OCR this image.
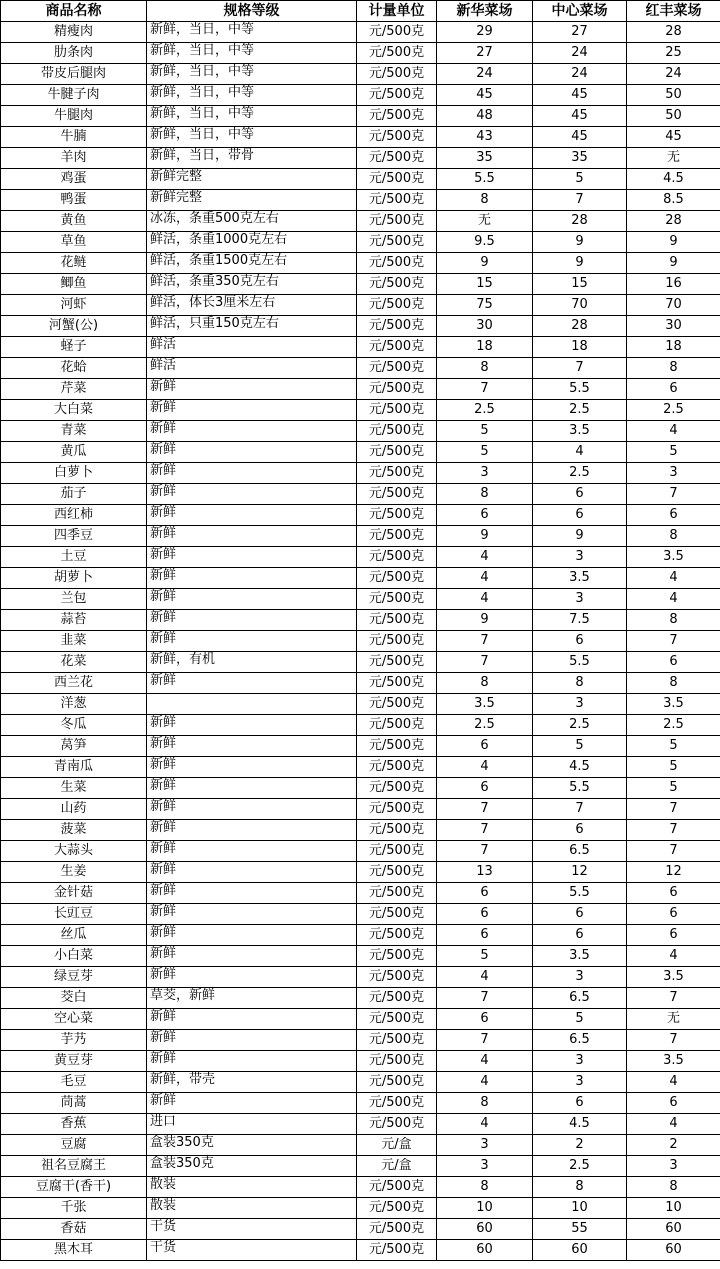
商品名称	规格等级	计量单位	新华菜场	中心菜场	红丰菜场
精瘦肉	新鲜，当日，中等	元/500克	29	27	28
肋条肉	新鲜，当日，中等	元/500克	27	24	25
带皮后腿肉	新鲜，当日，中等	元/500克	24	24	24
牛腱子肉	新鲜，当日，中等	元/500克	45	45	50
牛腿肉	新鲜，当日，中等	元/500克	48	45	50
牛腩	新鲜，当日，中等	元/500克	43	45	45
羊肉	新鲜，当日，带骨	元/500克	35	35	无
鸡蛋	新鲜完整	元/500克	5.5	5	4.5
鸭蛋	新鲜完整	元/500克	8	7	8.5
黄鱼	冰冻，条重500克左右	元/500克	无	28	28
草鱼	鲜活，条重1000克左右	元/500克	9.5	9	9
花鲢	鲜活，条重1500克左右	元/500克	9	9	9
鲫鱼	鲜活，条重350克左右	元/500克	15	15	16
河虾	鲜活，体长3厘米左右	元/500克	75	70	70
河蟹(公)	鲜活，只重150克左右	元/500克	30	28	30
蛏子	鲜活	元/500克	18	18	18
花蛤	鲜活	元/500克	8	7	8
芹菜	新鲜	元/500克	7	5.5	6
大白菜	新鲜	元/500克	2.5	2.5	2.5
青菜	新鲜	元/500克	5	3.5	4
黄瓜	新鲜	元/500克	5	4	5
白萝卜	新鲜	元/500克	3	2.5	3
茄子	新鲜	元/500克	8	6	7
西红柿	新鲜	元/500克	6	6	6
四季豆	新鲜	元/500克	9	9	8
土豆	新鲜	元/500克	4	3	3.5
胡萝卜	新鲜	元/500克	4	3.5	4
兰包	新鲜	元/500克	4	3	4
蒜苔	新鲜	元/500克	9	7.5	8
韭菜	新鲜	元/500克	7	6	7
花菜	新鲜，有机	元/500克	7	5.5	6
西兰花	新鲜	元/500克	8	8	8
洋葱		元/500克	3.5	3	3.5
冬瓜	新鲜	元/500克	2.5	2.5	2.5
莴笋	新鲜	元/500克	6	5	5
青南瓜	新鲜	元/500克	4	4.5	5
生菜	新鲜	元/500克	6	5.5	5
山药	新鲜	元/500克	7	7	7
菠菜	新鲜	元/500克	7	6	7
大蒜头	新鲜	元/500克	7	6.5	7
生姜	新鲜	元/500克	13	12	12
金针菇	新鲜	元/500克	6	5.5	6
长豇豆	新鲜	元/500克	6	6	6
丝瓜	新鲜	元/500克	6	6	6
小白菜	新鲜	元/500克	5	3.5	4
绿豆芽	新鲜	元/500克	4	3	3.5
茭白	草茭，新鲜	元/500克	7	6.5	7
空心菜	新鲜	元/500克	6	5	无
芋艿	新鲜	元/500克	7	6.5	7
黄豆芽	新鲜	元/500克	4	3	3.5
毛豆	新鲜，带壳	元/500克	4	3	4
茼蒿	新鲜	元/500克	8	6	6
香蕉	进口	元/500克	4	4.5	4
豆腐	盒装350克	元/盒	3	2	2
祖名豆腐王	盒装350克	元/盒	3	2.5	3
豆腐干(香干)	散装	元/500克	8	8	8
千张	散装	元/500克	10	10	10
香菇	干货	元/500克	60	55	60
黑木耳	干货	元/500克	60	60	60
